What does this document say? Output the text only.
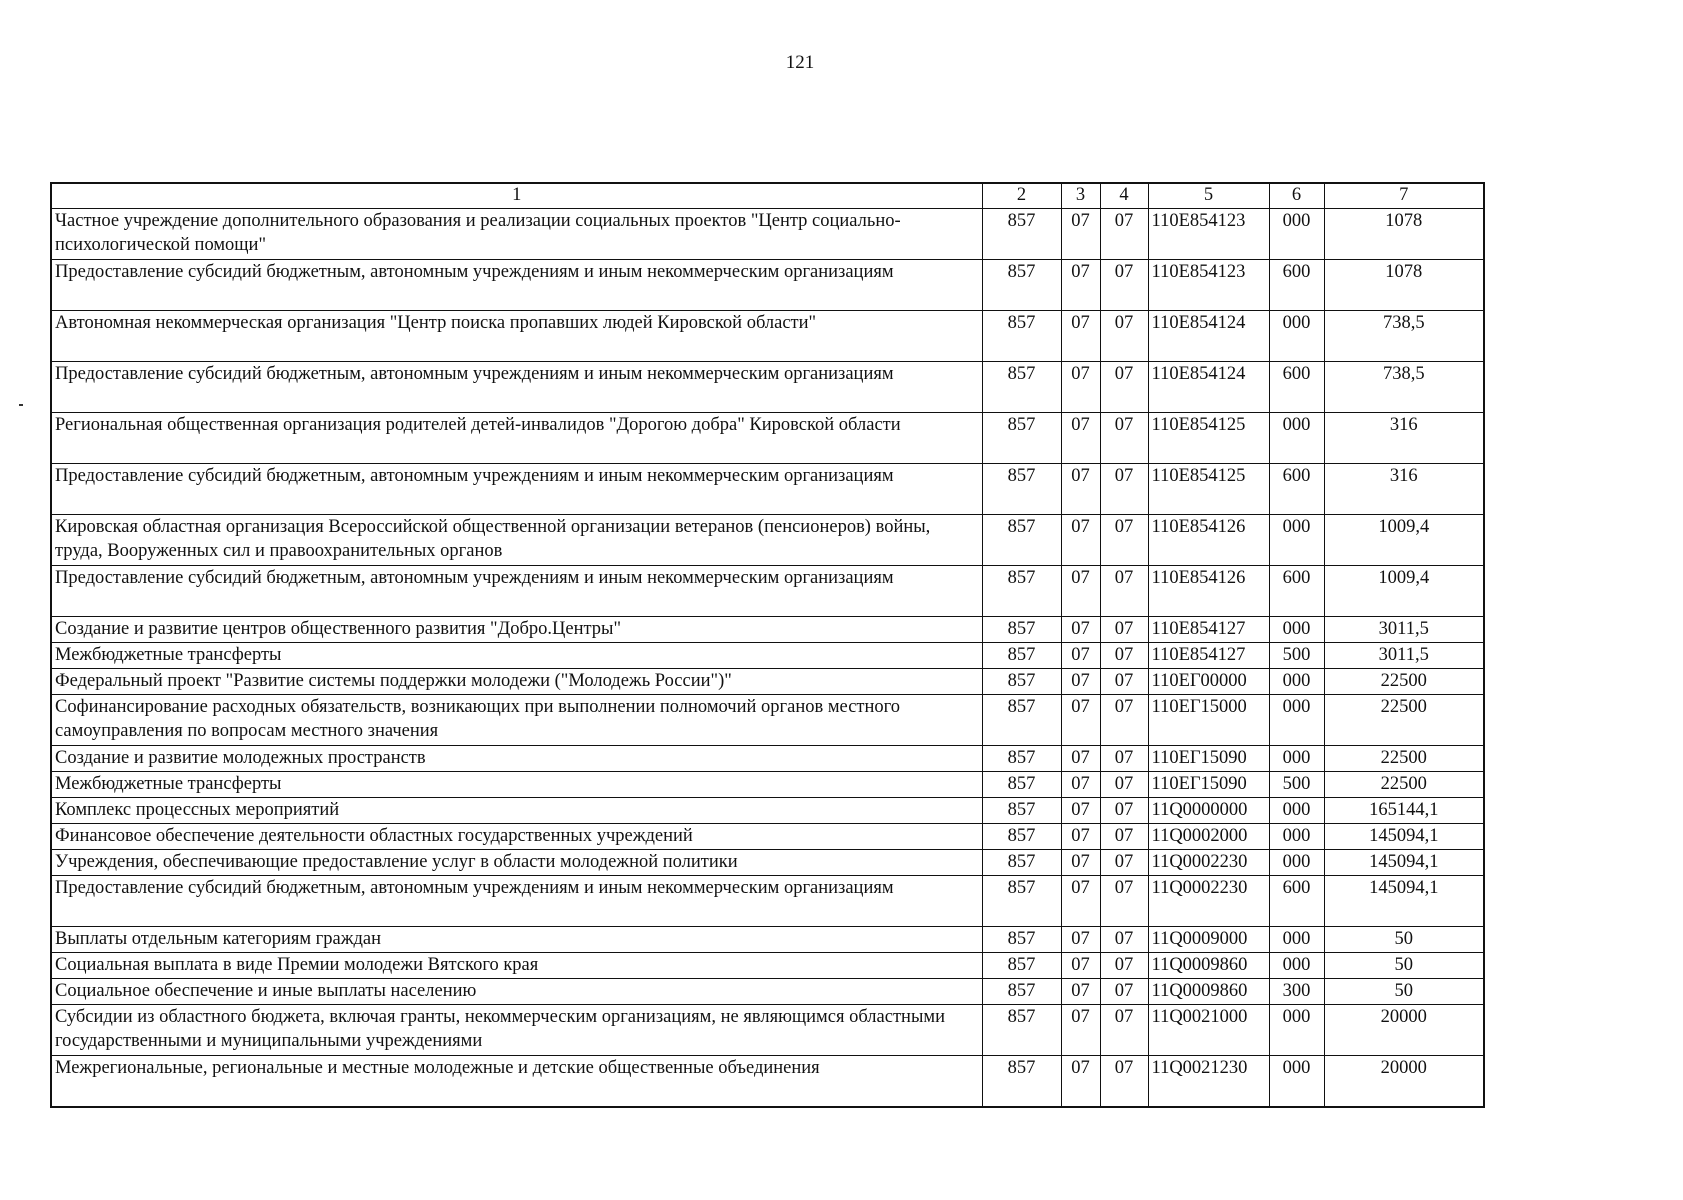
121
1	2	3	4	5	6	7
Частное учреждение дополнительного образования и реализации социальных проектов "Центр социально-психологической помощи"	857	07	07	110Е854123	000	1078
Предоставление субсидий бюджетным, автономным учреждениям и иным некоммерческим организациям	857	07	07	110Е854123	600	1078
Автономная некоммерческая организация "Центр поиска пропавших людей Кировской области"	857	07	07	110Е854124	000	738,5
Предоставление субсидий бюджетным, автономным учреждениям и иным некоммерческим организациям	857	07	07	110Е854124	600	738,5
Региональная общественная организация родителей детей-инвалидов "Дорогою добра" Кировской области	857	07	07	110Е854125	000	316
Предоставление субсидий бюджетным, автономным учреждениям и иным некоммерческим организациям	857	07	07	110Е854125	600	316
Кировская областная организация Всероссийской общественной организации ветеранов (пенсионеров) войны, труда, Вооруженных сил и правоохранительных органов	857	07	07	110Е854126	000	1009,4
Предоставление субсидий бюджетным, автономным учреждениям и иным некоммерческим организациям	857	07	07	110Е854126	600	1009,4
Создание и развитие центров общественного развития "Добро.Центры"	857	07	07	110Е854127	000	3011,5
Межбюджетные трансферты	857	07	07	110Е854127	500	3011,5
Федеральный проект "Развитие системы поддержки молодежи ("Молодежь России")"	857	07	07	110ЕГ00000	000	22500
Софинансирование расходных обязательств, возникающих при выполнении полномочий органов местного самоуправления по вопросам местного значения	857	07	07	110ЕГ15000	000	22500
Создание и развитие молодежных пространств	857	07	07	110ЕГ15090	000	22500
Межбюджетные трансферты	857	07	07	110ЕГ15090	500	22500
Комплекс процессных мероприятий	857	07	07	11Q0000000	000	165144,1
Финансовое обеспечение деятельности областных государственных учреждений	857	07	07	11Q0002000	000	145094,1
Учреждения, обеспечивающие предоставление услуг в области молодежной политики	857	07	07	11Q0002230	000	145094,1
Предоставление субсидий бюджетным, автономным учреждениям и иным некоммерческим организациям	857	07	07	11Q0002230	600	145094,1
Выплаты отдельным категориям граждан	857	07	07	11Q0009000	000	50
Социальная выплата в виде Премии молодежи Вятского края	857	07	07	11Q0009860	000	50
Социальное обеспечение и иные выплаты населению	857	07	07	11Q0009860	300	50
Субсидии из областного бюджета, включая гранты, некоммерческим организациям, не являющимся областными государственными и муниципальными учреждениями	857	07	07	11Q0021000	000	20000
Межрегиональные, региональные и местные молодежные и детские общественные объединения	857	07	07	11Q0021230	000	20000
